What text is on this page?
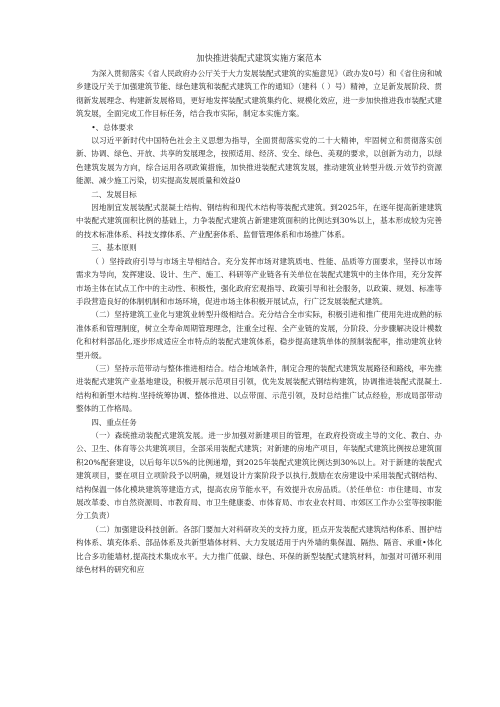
加快推进装配式建筑实施方案范本

为深入贯彻落实《省人民政府办公厅关于大力发展装配式建筑的实施意见》（政办发0号）和《省住房和城乡建设厅关于加强建筑节能、绿色建筑和装配式建筑工作的通知》（建科（ ）号）精神，立足新发展阶段、贯彻新发展理念、构建新发展格局，更好地发挥装配式建筑集约化、规模化效应，进一步加快推进我市装配式建筑发展，全面完成工作目标任务，结合我市实际，制定本实施方案。

•、总体要求

以习近平新时代中国特色社会主义思想为指导，全面贯彻落实党的二十大精神，牢固树立和贯彻落实创新、协调、绿色、开放、共享的发展理念，按照适用、经济、安全、绿色、美观的要求，以创新为动力，以绿色建筑发展为方向，综合运用各项政策措施，加快推进装配式建筑发展，推动建筑业转型升级.亓效节约资源能源、减少施工污染，切实提高发展质量和效益0

二、发展目标

因地制宜发展装配式混凝土结构、钢结构和现代木结构等装配式建筑。到2025年，在逐年提高新建建筑中装配式建筑面积比例的基础上，力争装配式建筑占新建建筑面积的比例达到30%以上，基本形成较为完善的技术标准体系、科技支撑体系、产业配套体系、监督管理体系和市场推广体系。

三、基本原则

（ ）坚持政府引导与市场主导相结合。充分发挥市场对建筑质电、性能、品质等方面要求，坚持以市场需求为导向，发挥建设、设计、生产、施工、科研等产业链各有关单位在装配式建筑中的主体作用，充分发挥市场主体在试点工作中的主动性、积极性，强化政府宏观指导、政策引导和社会服务，以政策、规划、标准等手段营造良好的体制机制和市场环境，促进市场主体积极开展试点，行广泛发展装配式建筑。

（二）坚持建筑工业化与建筑业转型升级相结合。充分结合全市实际，积极引进和推广使用先进成熟的标准体系和管理制度，树立全寿命周期管理理念，注重全过程、全产业链的发展，分阶段、分步骤解决设计模数化和材料部品化,逐步形成适应全市特点的装配式建筑体系，稳步提高建筑单体的预制装配率，推动建筑业转型升级。

（三）坚持示范带动与整体推进相结合。结合地域条件，制定合理的装配式建筑发展路径和路线，率先推进装配式建筑产业基地建设，积极开展示范项目引领，优先发展装配式钢结构建筑，协调推进装配式混凝土.结构和新型木结构.坚持统筹协调、整体推进、以点带面、示范引领，及时总结推广试点经验，形成局部带动整体的工作格局。

四、重点任务

（一）森统推动装配式建筑发展。进一步加强对新建项目的管理，在政府投资或主导的文化、教白、办公、卫生、体育等公共建筑项目，全部采用装配式建筑；对新建的房地产项目，年装配式建筑比例按总建筑面积20%配套建设，以后每年以5%的比例递增，到2025年装配式建筑比例达到30%以上。对于新建的装配式建筑项目，要在项目立项阶段予以明确，规划设计方案阶段予以执行,鼓励在农房建设中采用装配式钢结构、结构保温一体化模块建筑等建造方式，提高农房节能水平，有效提升农房品质。（於任单位：市住建局、市发展改革委、市自然资源局、市教育局、市卫生健康委、市体育局、市农业农村局、市郊区工作办公室等按职能分工负责）

（二）加强建设科技创新。各部门要加大对科研攻关的支持力度，匝点开发装配式建筑结构体系、围护结构体系、填充体系、部品体系及共新型墙体材料、大力发展适用于内外墙的集保温、隔热、隔音、承重•体化比合多功能墙材,提高技术集成水平。大力推广低碳、绿色、环保的新型装配式建筑材料，加强对可循环利用绿色材料的研究和应
